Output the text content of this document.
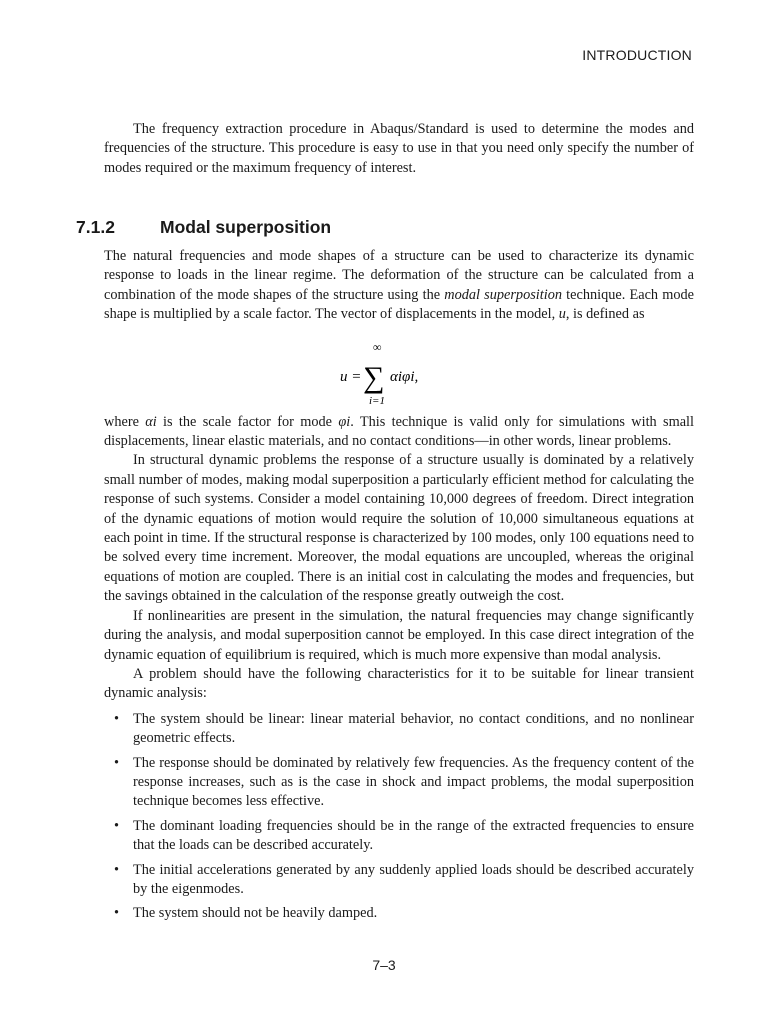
INTRODUCTION

The frequency extraction procedure in Abaqus/Standard is used to determine the modes and frequencies of the structure. This procedure is easy to use in that you need only specify the number of modes required or the maximum frequency of interest.

7.1.2	Modal superposition

The natural frequencies and mode shapes of a structure can be used to characterize its dynamic response to loads in the linear regime. The deformation of the structure can be calculated from a combination of the mode shapes of the structure using the modal superposition technique. Each mode shape is multiplied by a scale factor. The vector of displacements in the model, u, is defined as

u =
∞
∑
i=1
αiφi,

where αi is the scale factor for mode φi. This technique is valid only for simulations with small displacements, linear elastic materials, and no contact conditions—in other words, linear problems.

In structural dynamic problems the response of a structure usually is dominated by a relatively small number of modes, making modal superposition a particularly efficient method for calculating the response of such systems. Consider a model containing 10,000 degrees of freedom. Direct integration of the dynamic equations of motion would require the solution of 10,000 simultaneous equations at each point in time. If the structural response is characterized by 100 modes, only 100 equations need to be solved every time increment. Moreover, the modal equations are uncoupled, whereas the original equations of motion are coupled. There is an initial cost in calculating the modes and frequencies, but the savings obtained in the calculation of the response greatly outweigh the cost.

If nonlinearities are present in the simulation, the natural frequencies may change significantly during the analysis, and modal superposition cannot be employed. In this case direct integration of the dynamic equation of equilibrium is required, which is much more expensive than modal analysis.

A problem should have the following characteristics for it to be suitable for linear transient dynamic analysis:

• The system should be linear: linear material behavior, no contact conditions, and no nonlinear geometric effects.
• The response should be dominated by relatively few frequencies. As the frequency content of the response increases, such as is the case in shock and impact problems, the modal superposition technique becomes less effective.
• The dominant loading frequencies should be in the range of the extracted frequencies to ensure that the loads can be described accurately.
• The initial accelerations generated by any suddenly applied loads should be described accurately by the eigenmodes.
• The system should not be heavily damped.
7–3
